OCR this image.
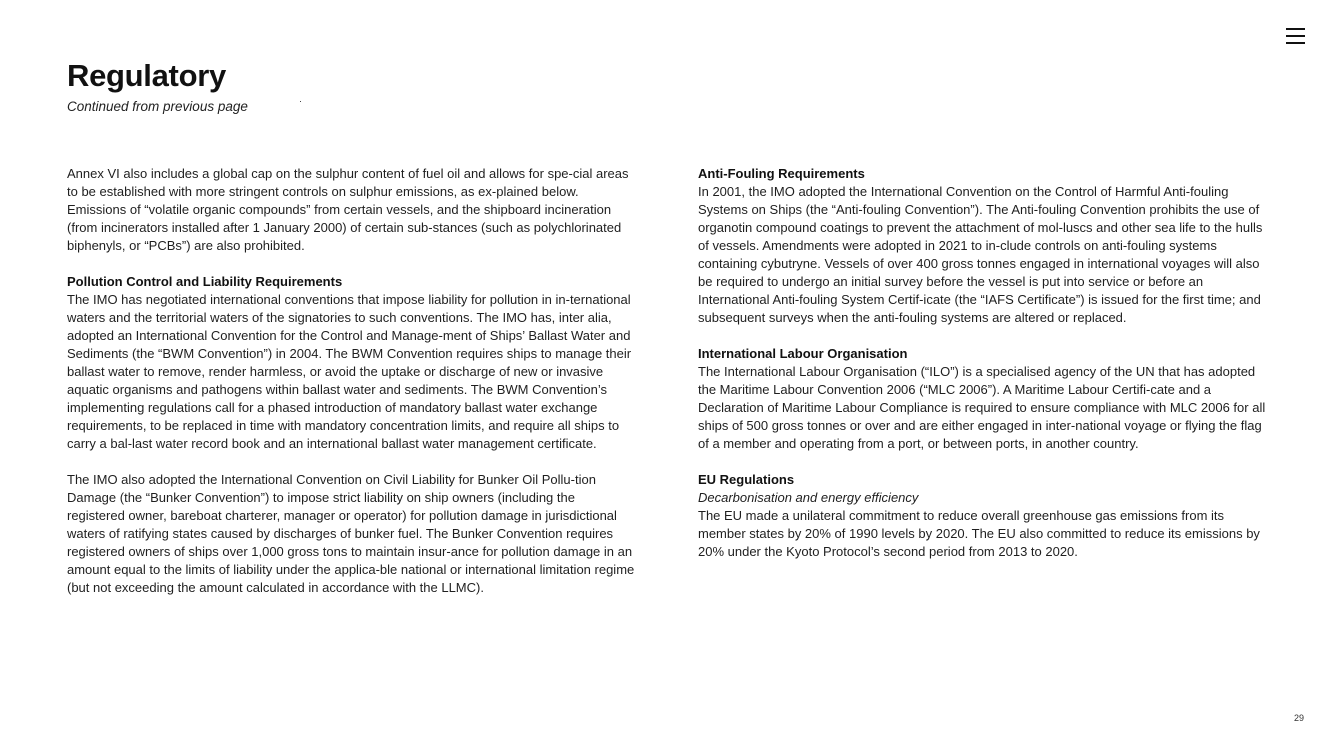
Regulatory

Continued from previous page

Annex VI also includes a global cap on the sulphur content of fuel oil and allows for spe-cial areas to be established with more stringent controls on sulphur emissions, as ex-plained below. Emissions of “volatile organic compounds” from certain vessels, and the shipboard incineration (from incinerators installed after 1 January 2000) of certain sub-stances (such as polychlorinated biphenyls, or “PCBs”) are also prohibited.

Pollution Control and Liability Requirements

The IMO has negotiated international conventions that impose liability for pollution in in-ternational waters and the territorial waters of the signatories to such conventions. The IMO has, inter alia, adopted an International Convention for the Control and Manage-ment of Ships’ Ballast Water and Sediments (the “BWM Convention”) in 2004. The BWM Convention requires ships to manage their ballast water to remove, render harmless, or avoid the uptake or discharge of new or invasive aquatic organisms and pathogens within ballast water and sediments. The BWM Convention’s implementing regulations call for a phased introduction of mandatory ballast water exchange requirements, to be replaced in time with mandatory concentration limits, and require all ships to carry a bal-last water record book and an international ballast water management certificate.

The IMO also adopted the International Convention on Civil Liability for Bunker Oil Pollu-tion Damage (the “Bunker Convention”) to impose strict liability on ship owners (including the registered owner, bareboat charterer, manager or operator) for pollution damage in jurisdictional waters of ratifying states caused by discharges of bunker fuel. The Bunker Convention requires registered owners of ships over 1,000 gross tons to maintain insur-ance for pollution damage in an amount equal to the limits of liability under the applica-ble national or international limitation regime (but not exceeding the amount calculated in accordance with the LLMC).

Anti-Fouling Requirements

In 2001, the IMO adopted the International Convention on the Control of Harmful Anti-fouling Systems on Ships (the “Anti-fouling Convention”). The Anti-fouling Convention prohibits the use of organotin compound coatings to prevent the attachment of mol-luscs and other sea life to the hulls of vessels. Amendments were adopted in 2021 to in-clude controls on anti-fouling systems containing cybutryne. Vessels of over 400 gross tonnes engaged in international voyages will also be required to undergo an initial survey before the vessel is put into service or before an International Anti-fouling System Certif-icate (the “IAFS Certificate”) is issued for the first time; and subsequent surveys when the anti-fouling systems are altered or replaced.

International Labour Organisation

The International Labour Organisation (“ILO”) is a specialised agency of the UN that has adopted the Maritime Labour Convention 2006 (“MLC 2006”). A Maritime Labour Certifi-cate and a Declaration of Maritime Labour Compliance is required to ensure compliance with MLC 2006 for all ships of 500 gross tonnes or over and are either engaged in inter-national voyage or flying the flag of a member and operating from a port, or between ports, in another country.

EU Regulations

Decarbonisation and energy efficiency

The EU made a unilateral commitment to reduce overall greenhouse gas emissions from its member states by 20% of 1990 levels by 2020. The EU also committed to reduce its emissions by 20% under the Kyoto Protocol’s second period from 2013 to 2020.

29
